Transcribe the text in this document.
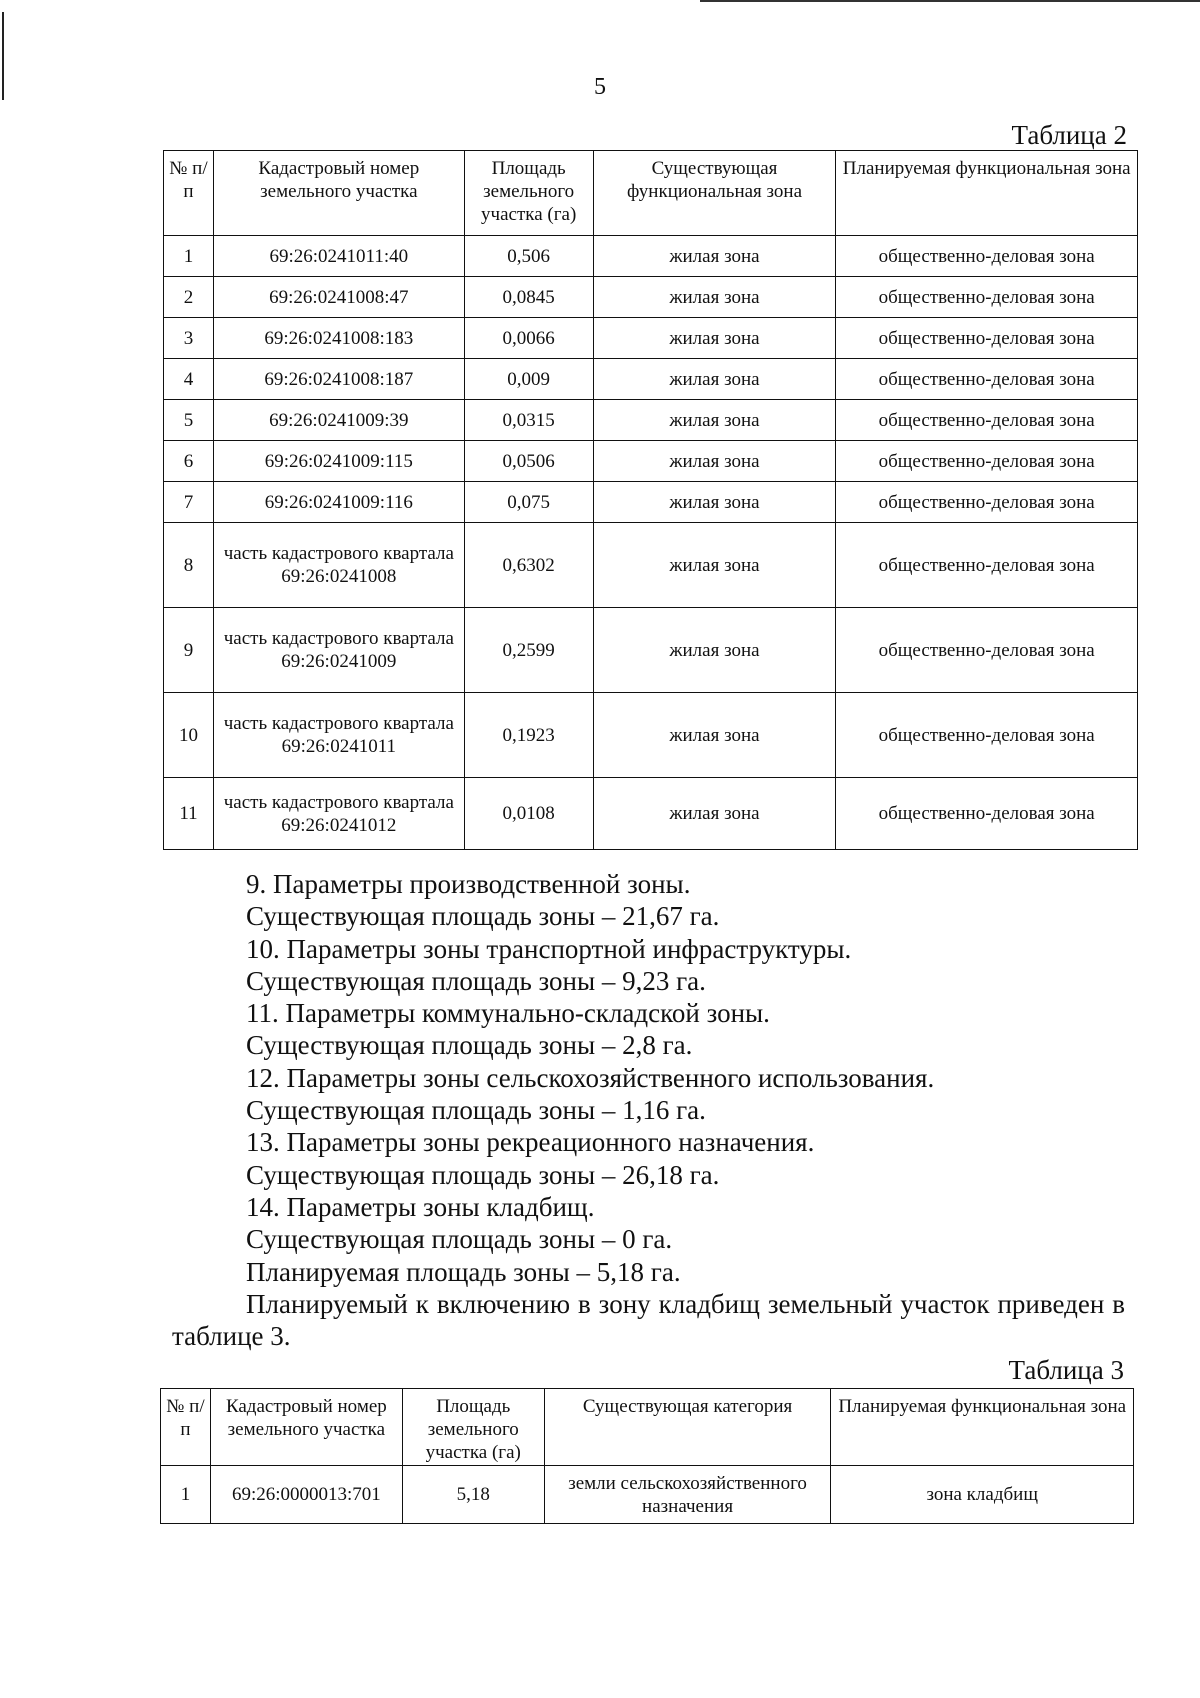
5
Таблица 2
№ п/п	Кадастровый номер земельного участка	Площадь земельного участка (га)	Существующая функциональная зона	Планируемая функциональная зона
1	69:26:0241011:40	0,506	жилая зона	общественно-деловая зона
2	69:26:0241008:47	0,0845	жилая зона	общественно-деловая зона
3	69:26:0241008:183	0,0066	жилая зона	общественно-деловая зона
4	69:26:0241008:187	0,009	жилая зона	общественно-деловая зона
5	69:26:0241009:39	0,0315	жилая зона	общественно-деловая зона
6	69:26:0241009:115	0,0506	жилая зона	общественно-деловая зона
7	69:26:0241009:116	0,075	жилая зона	общественно-деловая зона
8	часть кадастрового квартала 69:26:0241008	0,6302	жилая зона	общественно-деловая зона
9	часть кадастрового квартала 69:26:0241009	0,2599	жилая зона	общественно-деловая зона
10	часть кадастрового квартала 69:26:0241011	0,1923	жилая зона	общественно-деловая зона
11	часть кадастрового квартала 69:26:0241012	0,0108	жилая зона	общественно-деловая зона

9. Параметры производственной зоны.

Существующая площадь зоны – 21,67 га.

10. Параметры зоны транспортной инфраструктуры.

Существующая площадь зоны – 9,23 га.

11. Параметры коммунально-складской зоны.

Существующая площадь зоны – 2,8 га.

12. Параметры зоны сельскохозяйственного использования.

Существующая площадь зоны – 1,16 га.

13. Параметры зоны рекреационного назначения.

Существующая площадь зоны – 26,18 га.

14. Параметры зоны кладбищ.

Существующая площадь зоны – 0 га.

Планируемая площадь зоны – 5,18 га.

Планируемый к включению в зону кладбищ земельный участок приведен в таблице 3.

Таблица 3
№ п/п	Кадастровый номер земельного участка	Площадь земельного участка (га)	Существующая категория	Планируемая функциональная зона
1	69:26:0000013:701	5,18	земли сельскохозяйственного назначения	зона кладбищ
